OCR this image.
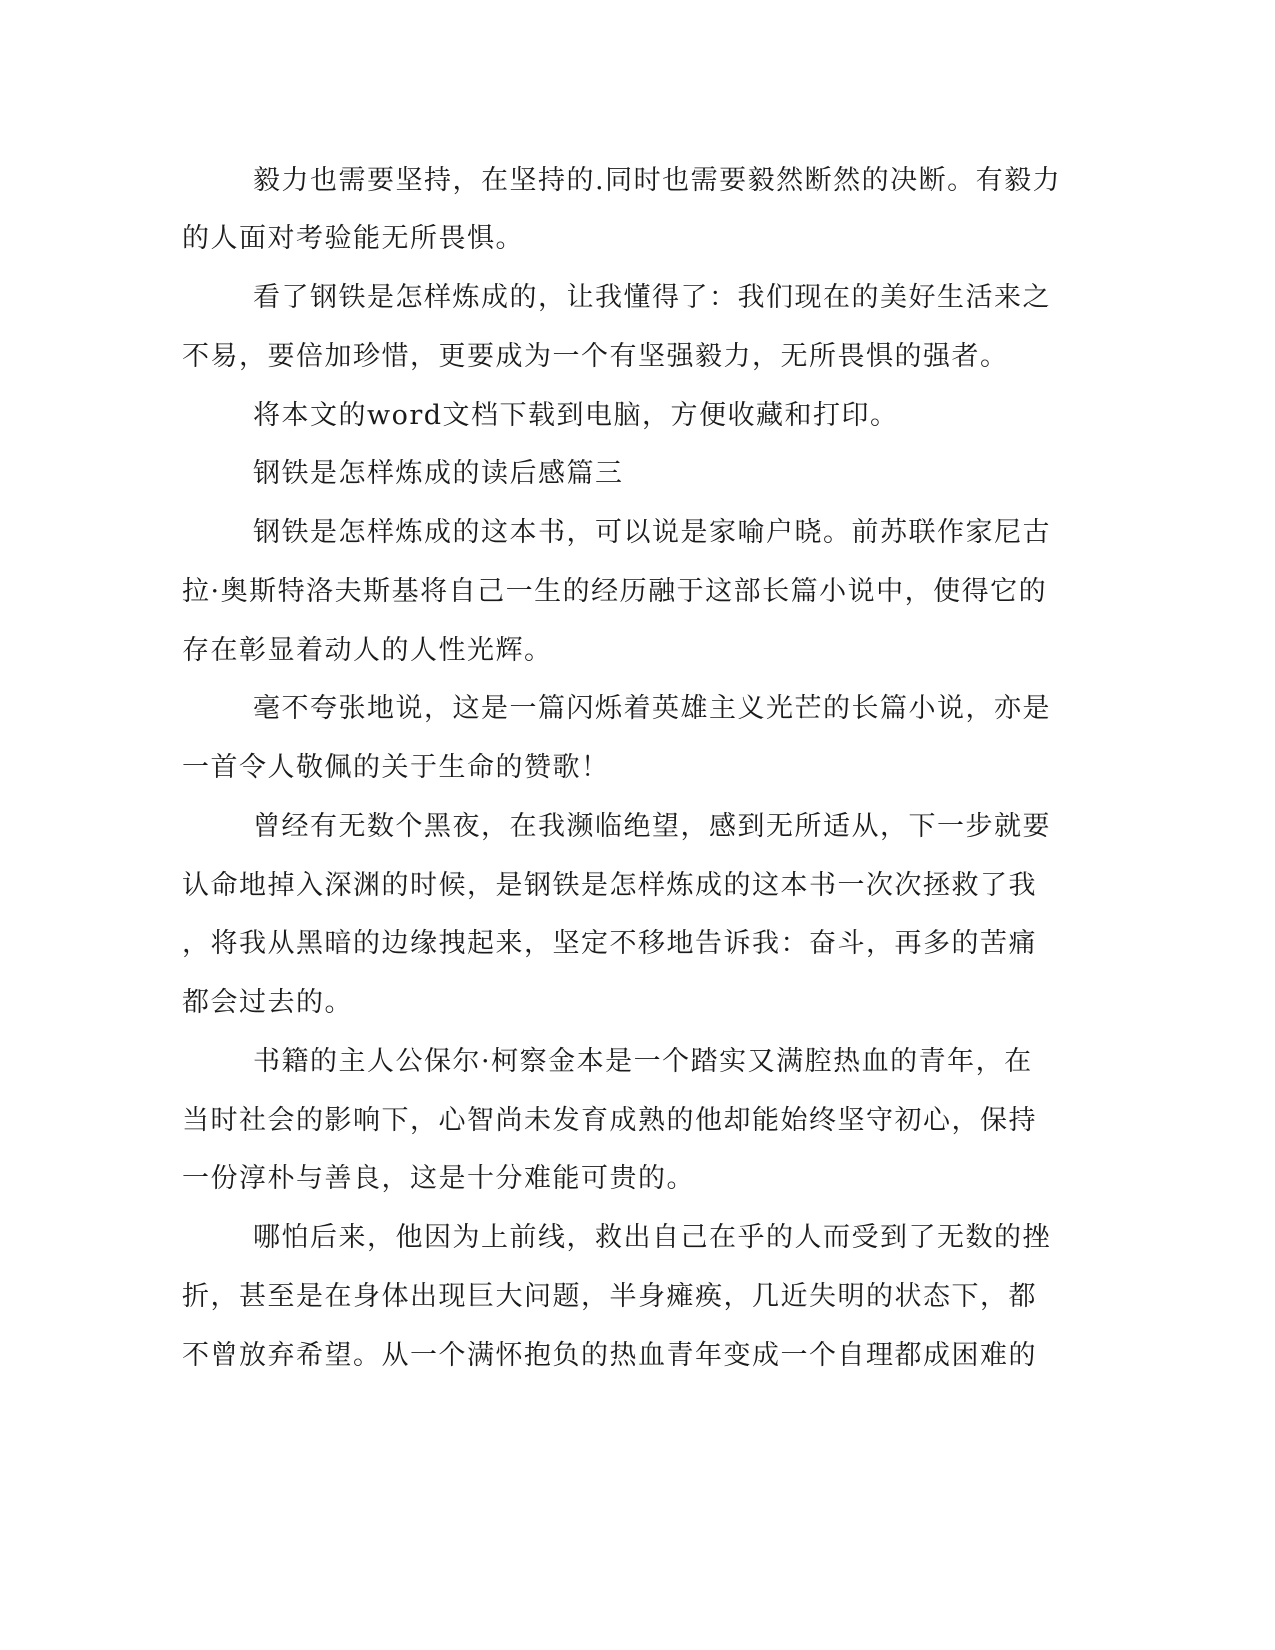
毅力也需要坚持，在坚持的.同时也需要毅然断然的决断。有毅力
的人面对考验能无所畏惧。
看了钢铁是怎样炼成的，让我懂得了：我们现在的美好生活来之
不易，要倍加珍惜，更要成为一个有坚强毅力，无所畏惧的强者。
将本文的word文档下载到电脑，方便收藏和打印。
钢铁是怎样炼成的读后感篇三
钢铁是怎样炼成的这本书，可以说是家喻户晓。前苏联作家尼古
拉·奥斯特洛夫斯基将自己一生的经历融于这部长篇小说中，使得它的
存在彰显着动人的人性光辉。
毫不夸张地说，这是一篇闪烁着英雄主义光芒的长篇小说，亦是
一首令人敬佩的关于生命的赞歌！
曾经有无数个黑夜，在我濒临绝望，感到无所适从，下一步就要
认命地掉入深渊的时候，是钢铁是怎样炼成的这本书一次次拯救了我
，将我从黑暗的边缘拽起来，坚定不移地告诉我：奋斗，再多的苦痛
都会过去的。
书籍的主人公保尔·柯察金本是一个踏实又满腔热血的青年，在
当时社会的影响下，心智尚未发育成熟的他却能始终坚守初心，保持
一份淳朴与善良，这是十分难能可贵的。
哪怕后来，他因为上前线，救出自己在乎的人而受到了无数的挫
折，甚至是在身体出现巨大问题，半身瘫痪，几近失明的状态下，都
不曾放弃希望。从一个满怀抱负的热血青年变成一个自理都成困难的
